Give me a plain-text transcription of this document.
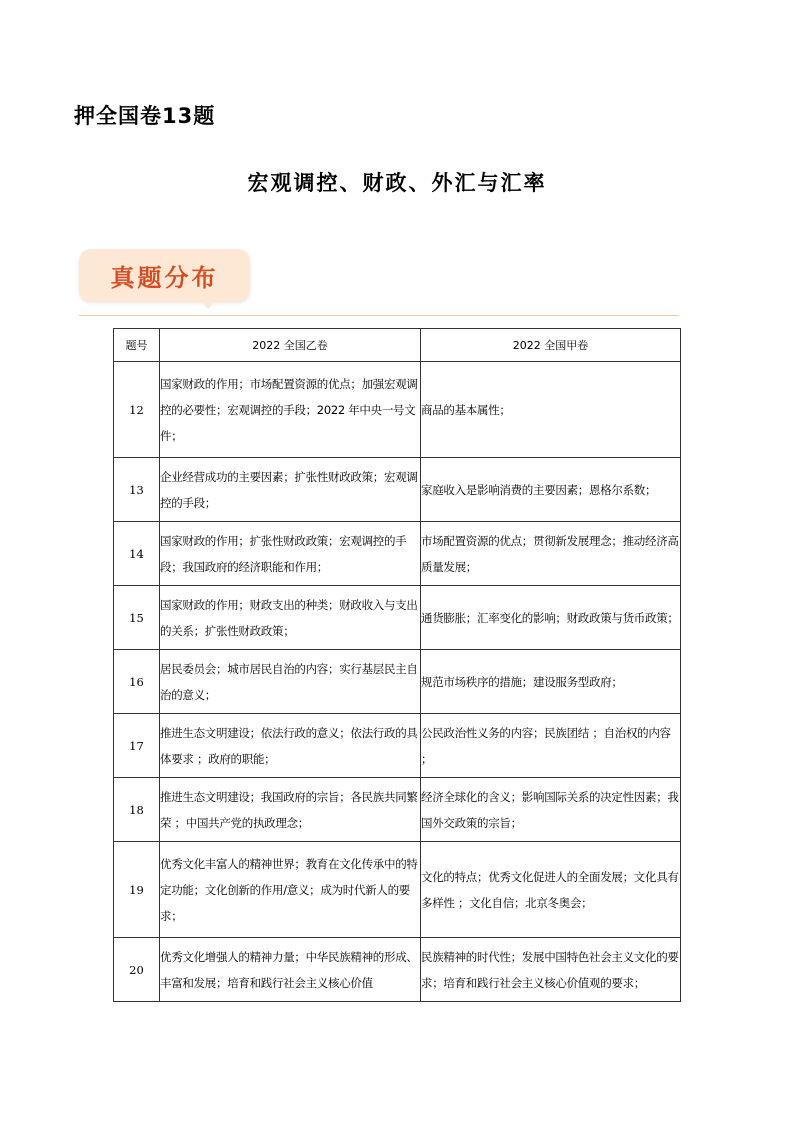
押全国卷13题
宏观调控、财政、外汇与汇率
真题分布
题号	2022 全国乙卷	2022 全国甲卷
12	国家财政的作用；市场配置资源的优点；加强宏观调控的必要性；宏观调控的手段；2022 年中央一号文件；	商品的基本属性；
13	企业经营成功的主要因素；扩张性财政政策；宏观调控的手段；	家庭收入是影响消费的主要因素；恩格尔系数；
14	国家财政的作用；扩张性财政政策；宏观调控的手段；我国政府的经济职能和作用；	市场配置资源的优点；贯彻新发展理念；推动经济高质量发展；
15	国家财政的作用；财政支出的种类；财政收入与支出的关系；扩张性财政政策；	通货膨胀；汇率变化的影响；财政政策与货币政策；
16	居民委员会；城市居民自治的内容；实行基层民主自治的意义；	规范市场秩序的措施；建设服务型政府；
17	推进生态文明建设；依法行政的意义；依法行政的具体要求 ；政府的职能；	公民政治性义务的内容；民族团结 ；自治权的内容 ；
18	推进生态文明建设；我国政府的宗旨；各民族共同繁荣 ；中国共产党的执政理念；	经济全球化的含义；影响国际关系的决定性因素；我国外交政策的宗旨；
19	优秀文化丰富人的精神世界；教育在文化传承中的特定功能；文化创新的作用/意义；成为时代新人的要求；	文化的特点；优秀文化促进人的全面发展；文化具有多样性 ；文化自信；北京冬奥会；
20	优秀文化增强人的精神力量；中华民族精神的形成、丰富和发展；培育和践行社会主义核心价值	民族精神的时代性；发展中国特色社会主义文化的要求；培育和践行社会主义核心价值观的要求；
